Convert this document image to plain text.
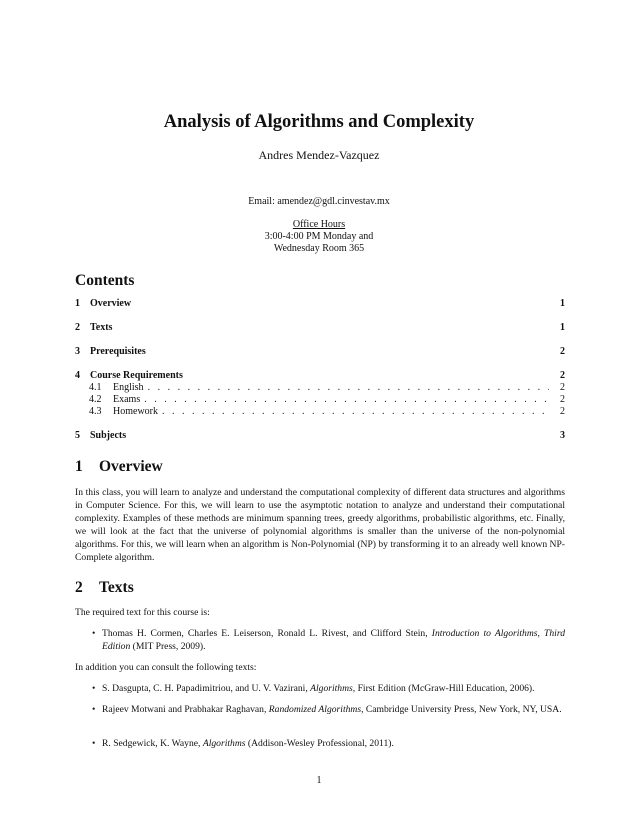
Analysis of Algorithms and Complexity
Andres Mendez-Vazquez
Email: amendez@gdl.cinvestav.mx
Office Hours
3:00-4:00 PM Monday and
Wednesday Room 365
Contents
1 Overview	1
2 Texts	1
3 Prerequisites	2
4 Course Requirements	2
4.1	English . . .	2
4.2	Exams . . .	2
4.3	Homework . . .	2
5 Subjects	3
1 Overview
In this class, you will learn to analyze and understand the computational complexity of different data structures and algorithms in Computer Science. For this, we will learn to use the asymptotic notation to analyze and understand their computational complexity. Examples of these methods are minimum spanning trees, greedy algorithms, probabilistic algorithms, etc. Finally, we will look at the fact that the universe of polynomial algorithms is smaller than the universe of the non-polynomial algorithms. For this, we will learn when an algorithm is Non-Polynomial (NP) by transforming it to an already well known NP-Complete algorithm.
2 Texts
The required text for this course is:
• Thomas H. Cormen, Charles E. Leiserson, Ronald L. Rivest, and Clifford Stein, Introduction to Algorithms, Third Edition (MIT Press, 2009).
In addition you can consult the following texts:
• S. Dasgupta, C. H. Papadimitriou, and U. V. Vazirani, Algorithms, First Edition (McGraw-Hill Education, 2006).
• Rajeev Motwani and Prabhakar Raghavan, Randomized Algorithms, Cambridge University Press, New York, NY, USA.
• R. Sedgewick, K. Wayne, Algorithms (Addison-Wesley Professional, 2011).
1
